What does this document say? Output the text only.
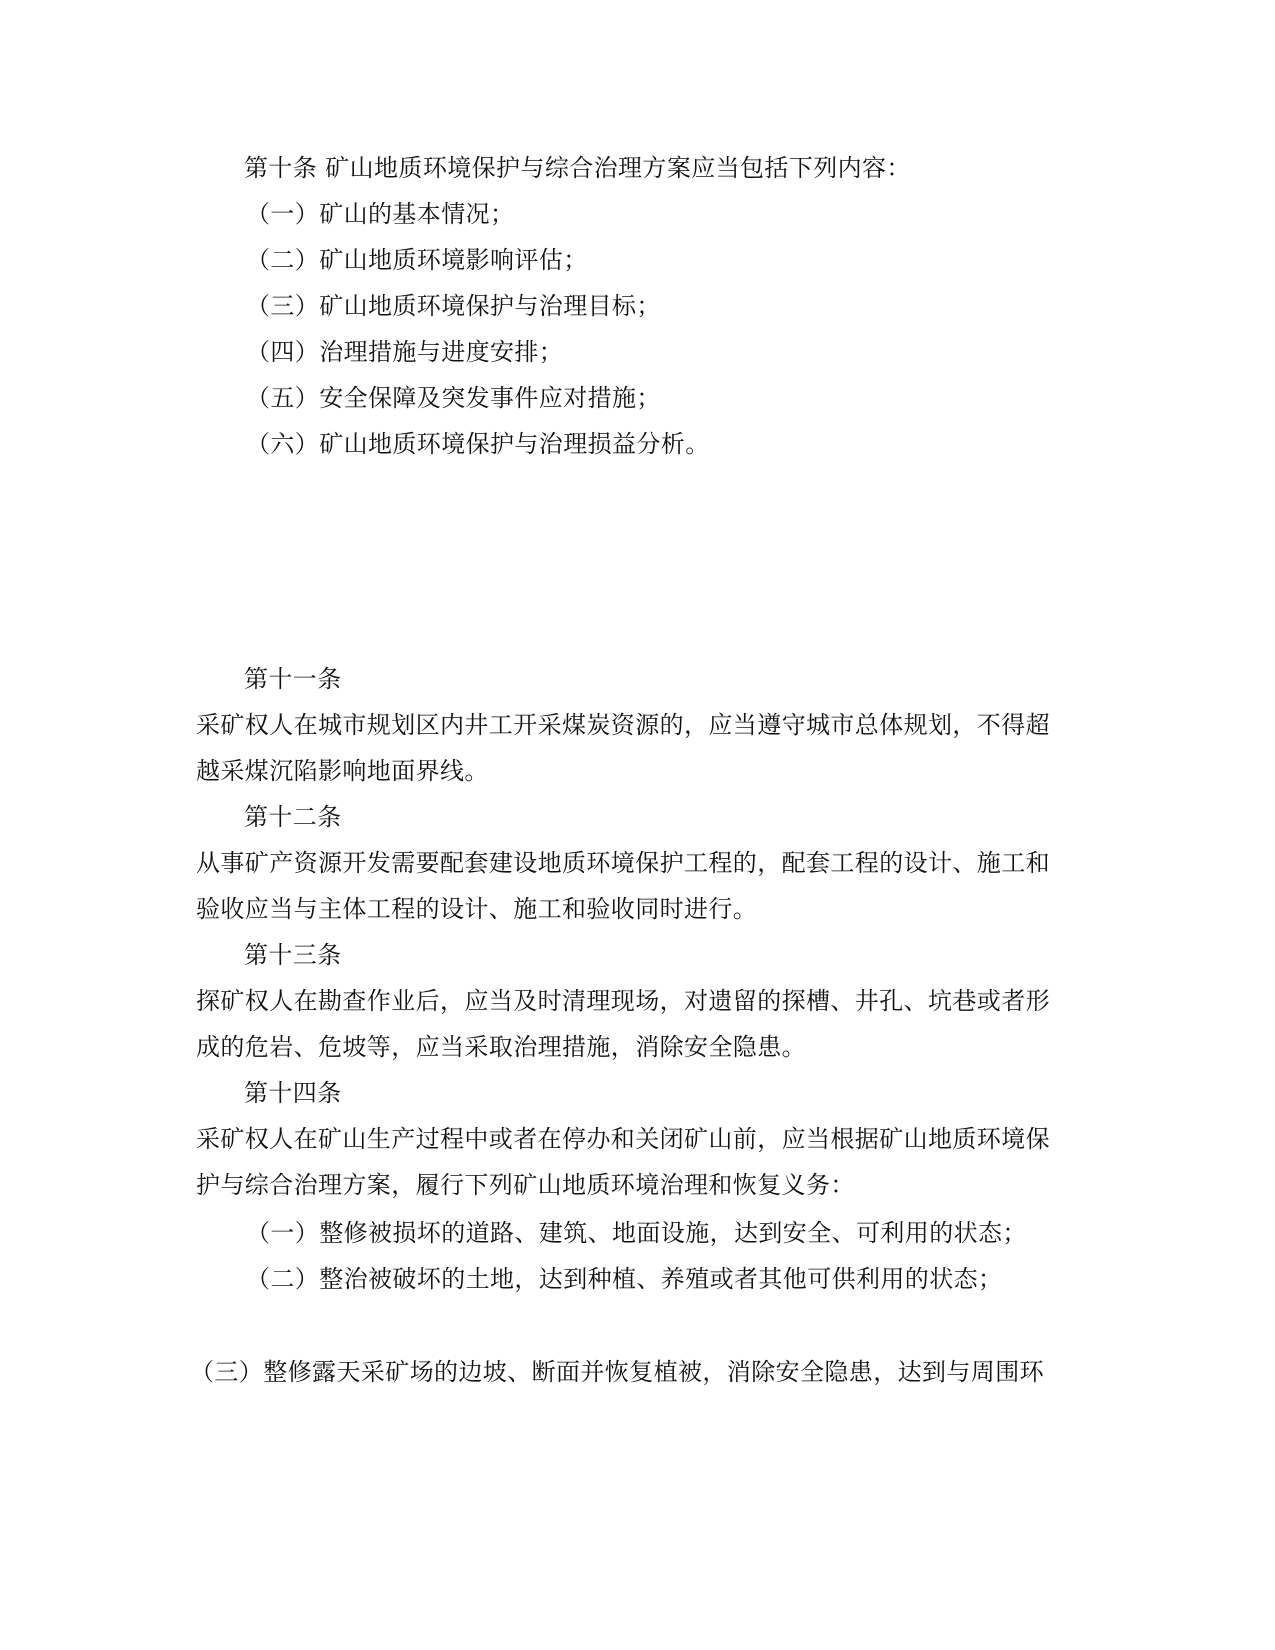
第十条 矿山地质环境保护与综合治理方案应当包括下列内容：
（一）矿山的基本情况；
（二）矿山地质环境影响评估；
（三）矿山地质环境保护与治理目标；
（四）治理措施与进度安排；
（五）安全保障及突发事件应对措施；
（六）矿山地质环境保护与治理损益分析。
第十一条
采矿权人在城市规划区内井工开采煤炭资源的，应当遵守城市总体规划，不得超
越采煤沉陷影响地面界线。
第十二条
从事矿产资源开发需要配套建设地质环境保护工程的，配套工程的设计、施工和
验收应当与主体工程的设计、施工和验收同时进行。
第十三条
探矿权人在勘查作业后，应当及时清理现场，对遗留的探槽、井孔、坑巷或者形
成的危岩、危坡等，应当采取治理措施，消除安全隐患。
第十四条
采矿权人在矿山生产过程中或者在停办和关闭矿山前，应当根据矿山地质环境保
护与综合治理方案，履行下列矿山地质环境治理和恢复义务：
（一）整修被损坏的道路、建筑、地面设施，达到安全、可利用的状态；
（二）整治被破坏的土地，达到种植、养殖或者其他可供利用的状态；
（三）整修露天采矿场的边坡、断面并恢复植被，消除安全隐患，达到与周围环
